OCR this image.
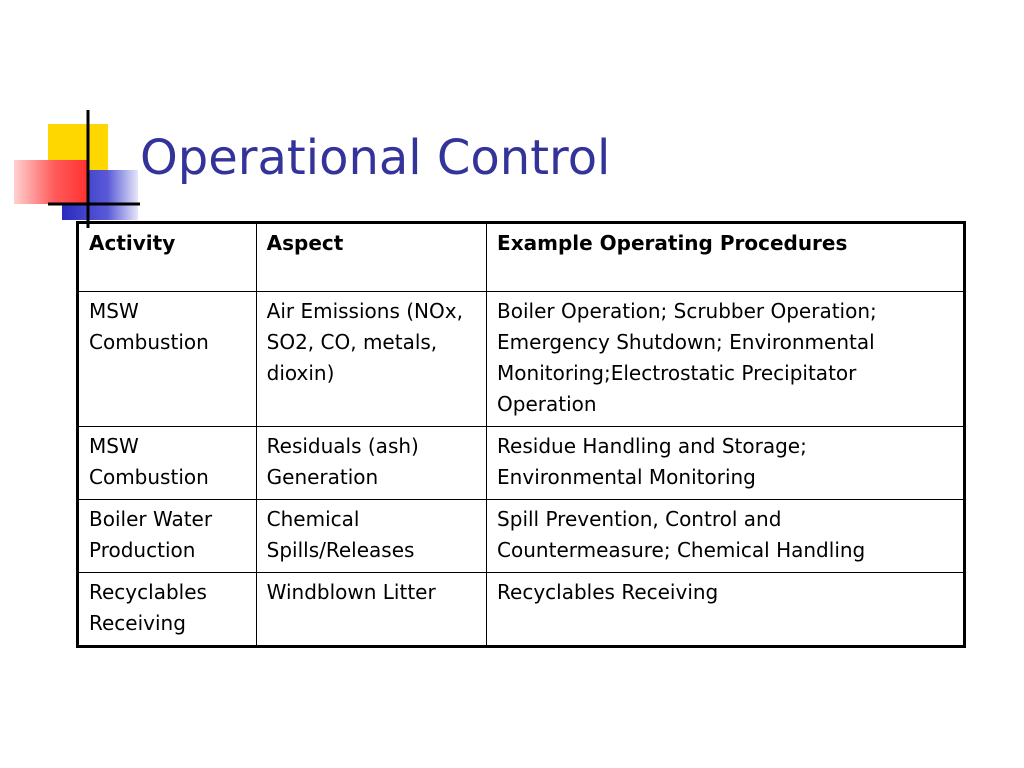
Operational Control
Activity	Aspect	Example Operating Procedures
MSW Combustion	Air Emissions (NOx, SO2, CO, metals, dioxin)	Boiler Operation; Scrubber Operation; Emergency Shutdown; Environmental Monitoring;Electrostatic Precipitator Operation
MSW Combustion	Residuals (ash) Generation	Residue Handling and Storage; Environmental Monitoring
Boiler Water Production	Chemical Spills/Releases	Spill Prevention, Control and Countermeasure; Chemical Handling
Recyclables Receiving	Windblown Litter	Recyclables Receiving
